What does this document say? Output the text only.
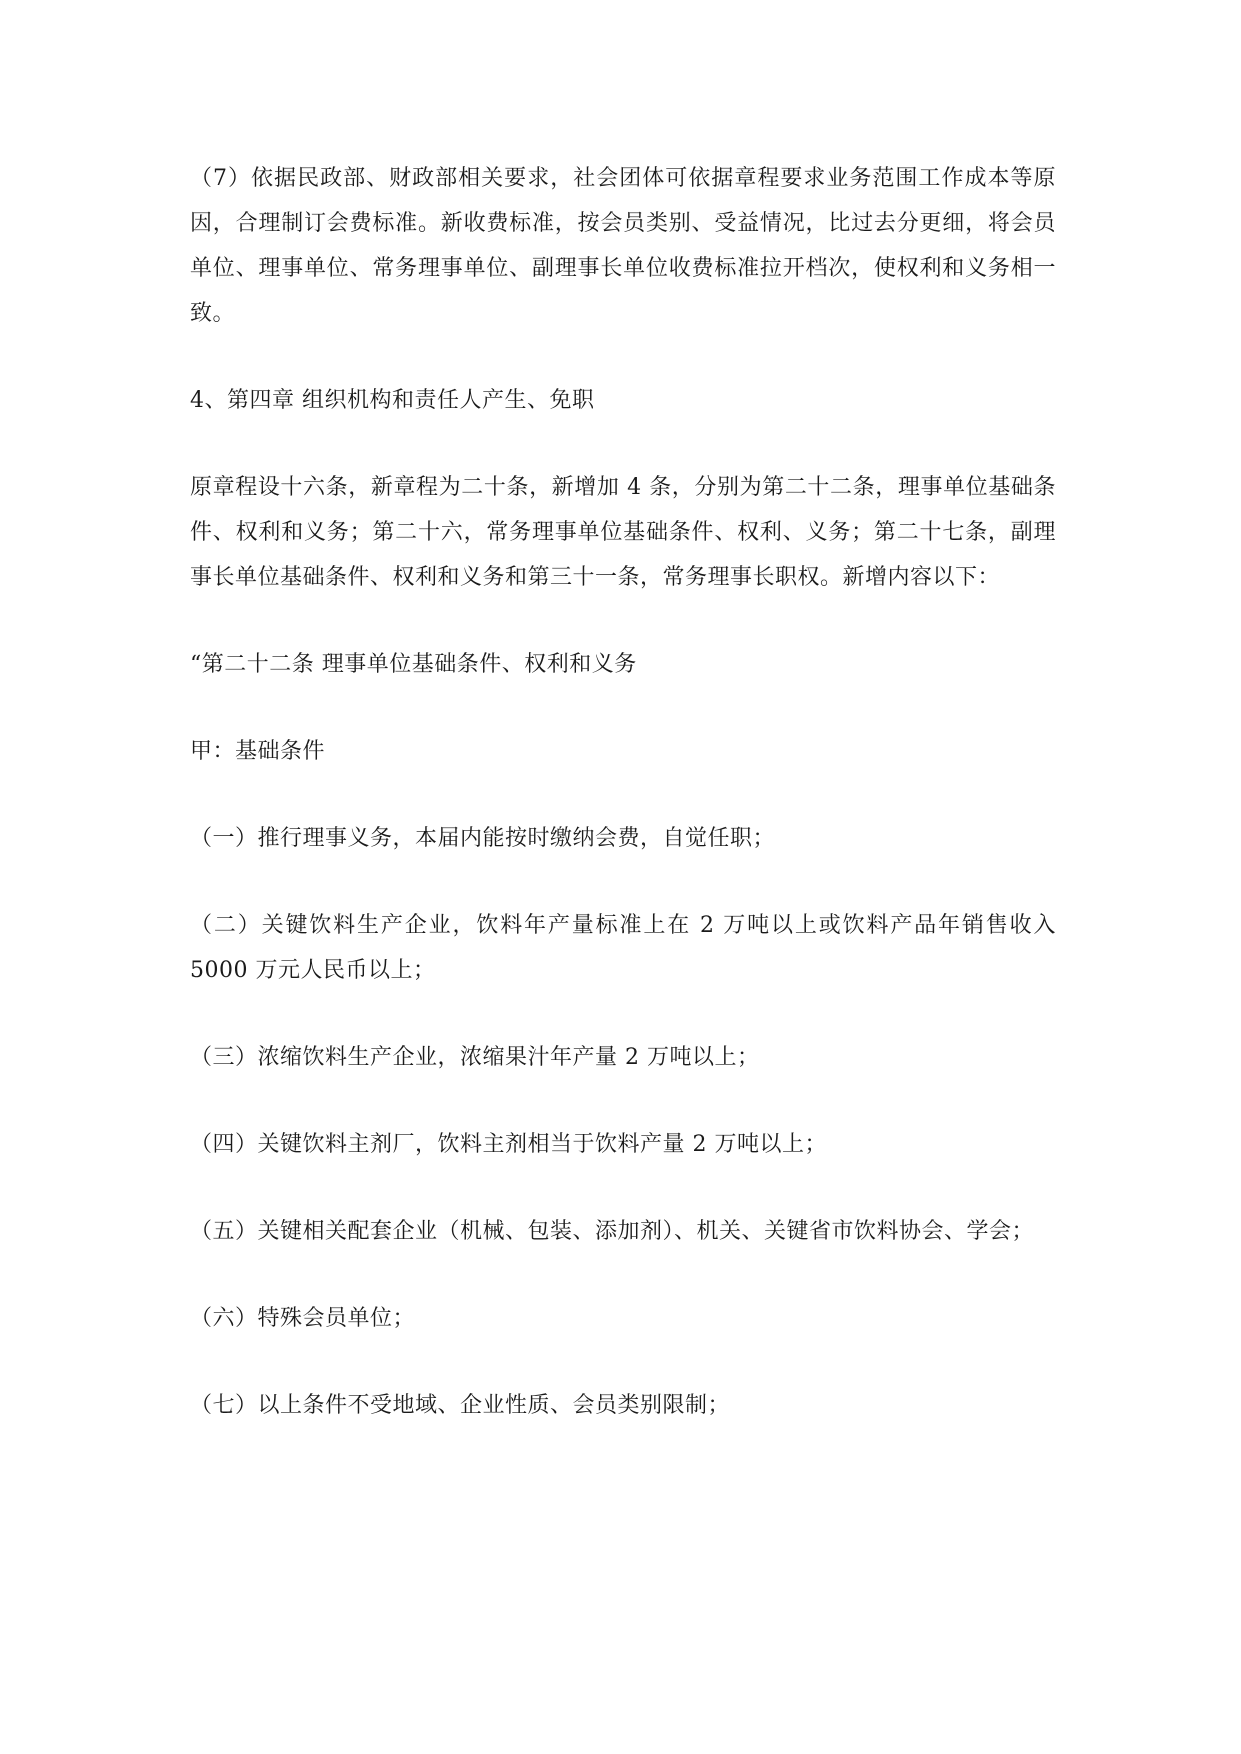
（7）依据民政部、财政部相关要求，社会团体可依据章程要求业务范围工作成本等原因，合理制订会费标准。新收费标准，按会员类别、受益情况，比过去分更细，将会员单位、理事单位、常务理事单位、副理事长单位收费标准拉开档次，使权利和义务相一致。

4、第四章 组织机构和责任人产生、免职

原章程设十六条，新章程为二十条，新增加 4 条，分别为第二十二条，理事单位基础条件、权利和义务；第二十六，常务理事单位基础条件、权利、义务；第二十七条，副理事长单位基础条件、权利和义务和第三十一条，常务理事长职权。新增内容以下：

“第二十二条 理事单位基础条件、权利和义务

甲：基础条件

（一）推行理事义务，本届内能按时缴纳会费，自觉任职；

（二）关键饮料生产企业，饮料年产量标准上在 2 万吨以上或饮料产品年销售收入 5000 万元人民币以上；

（三）浓缩饮料生产企业，浓缩果汁年产量 2 万吨以上；

（四）关键饮料主剂厂，饮料主剂相当于饮料产量 2 万吨以上；

（五）关键相关配套企业（机械、包装、添加剂）、机关、关键省市饮料协会、学会；

（六）特殊会员单位；

（七）以上条件不受地域、企业性质、会员类别限制；
